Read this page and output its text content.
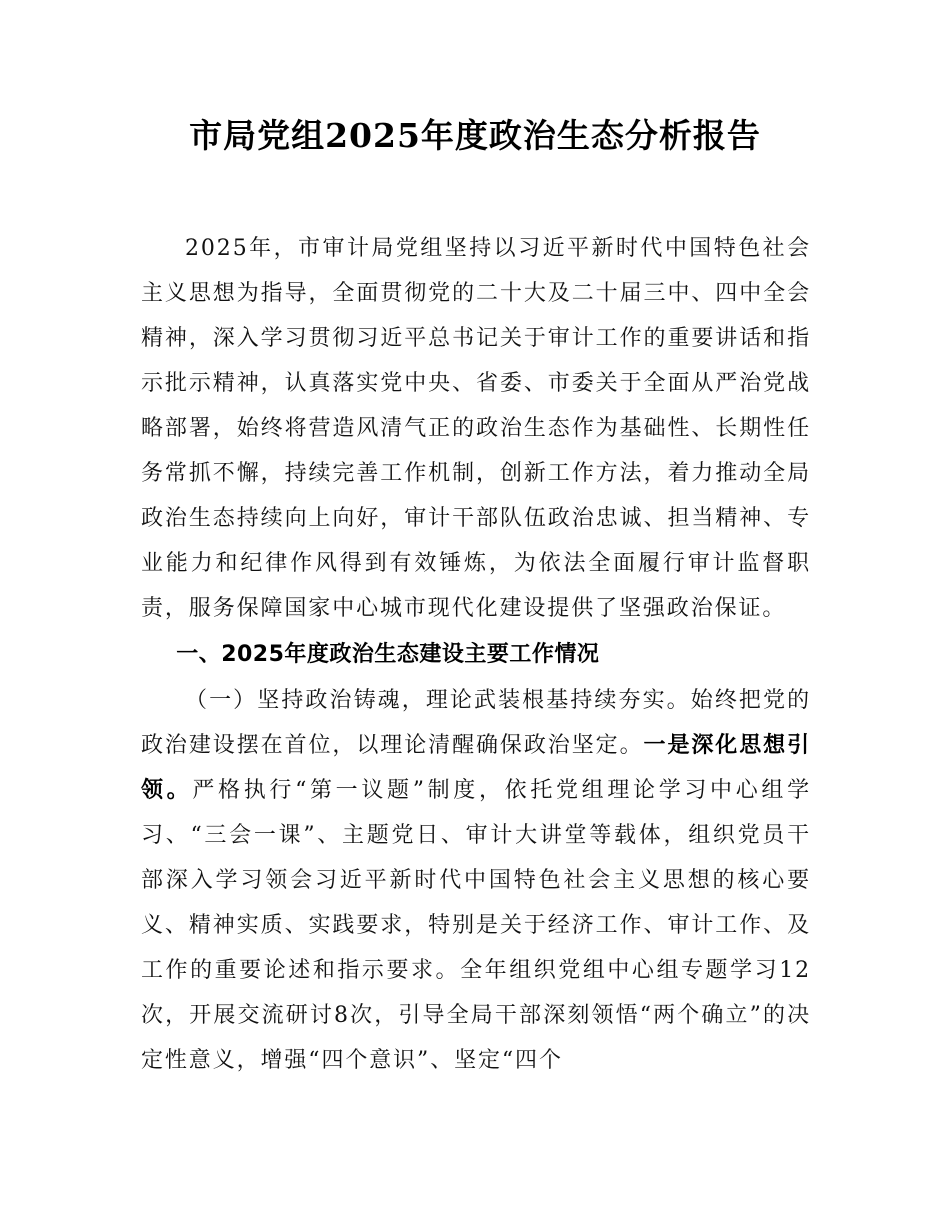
市局党组2025年度政治生态分析报告

2025年，市审计局党组坚持以习近平新时代中国特色社会主义思想为指导，全面贯彻党的二十大及二十届三中、四中全会精神，深入学习贯彻习近平总书记关于审计工作的重要讲话和指示批示精神，认真落实党中央、省委、市委关于全面从严治党战略部署，始终将营造风清气正的政治生态作为基础性、长期性任务常抓不懈，持续完善工作机制，创新工作方法，着力推动全局政治生态持续向上向好，审计干部队伍政治忠诚、担当精神、专业能力和纪律作风得到有效锤炼，为依法全面履行审计监督职责，服务保障国家中心城市现代化建设提供了坚强政治保证。

一、2025年度政治生态建设主要工作情况

（一）坚持政治铸魂，理论武装根基持续夯实。始终把党的政治建设摆在首位，以理论清醒确保政治坚定。一是深化思想引领。严格执行“第一议题”制度，依托党组理论学习中心组学习、“三会一课”、主题党日、审计大讲堂等载体，组织党员干部深入学习领会习近平新时代中国特色社会主义思想的核心要义、精神实质、实践要求，特别是关于经济工作、审计工作、及工作的重要论述和指示要求。全年组织党组中心组专题学习12次，开展交流研讨8次，引导全局干部深刻领悟“两个确立”的决定性意义，增强“四个意识”、坚定“四个
